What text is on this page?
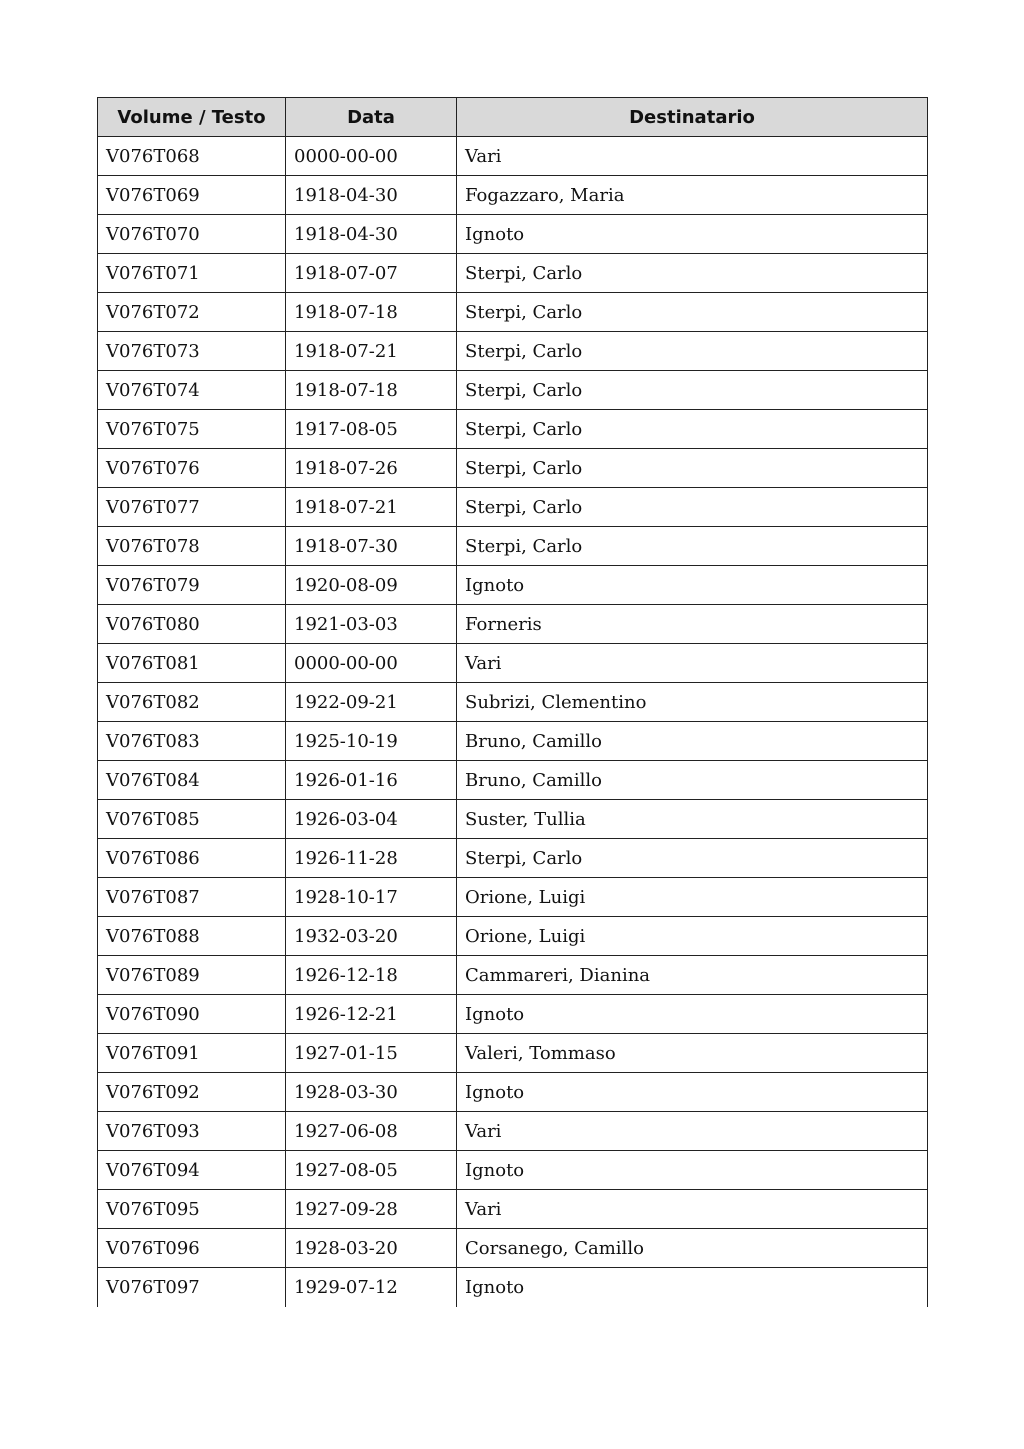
Volume / Testo	Data	Destinatario
V076T068	0000-00-00	Vari
V076T069	1918-04-30	Fogazzaro, Maria
V076T070	1918-04-30	Ignoto
V076T071	1918-07-07	Sterpi, Carlo
V076T072	1918-07-18	Sterpi, Carlo
V076T073	1918-07-21	Sterpi, Carlo
V076T074	1918-07-18	Sterpi, Carlo
V076T075	1917-08-05	Sterpi, Carlo
V076T076	1918-07-26	Sterpi, Carlo
V076T077	1918-07-21	Sterpi, Carlo
V076T078	1918-07-30	Sterpi, Carlo
V076T079	1920-08-09	Ignoto
V076T080	1921-03-03	Forneris
V076T081	0000-00-00	Vari
V076T082	1922-09-21	Subrizi, Clementino
V076T083	1925-10-19	Bruno, Camillo
V076T084	1926-01-16	Bruno, Camillo
V076T085	1926-03-04	Suster, Tullia
V076T086	1926-11-28	Sterpi, Carlo
V076T087	1928-10-17	Orione, Luigi
V076T088	1932-03-20	Orione, Luigi
V076T089	1926-12-18	Cammareri, Dianina
V076T090	1926-12-21	Ignoto
V076T091	1927-01-15	Valeri, Tommaso
V076T092	1928-03-30	Ignoto
V076T093	1927-06-08	Vari
V076T094	1927-08-05	Ignoto
V076T095	1927-09-28	Vari
V076T096	1928-03-20	Corsanego, Camillo
V076T097	1929-07-12	Ignoto
